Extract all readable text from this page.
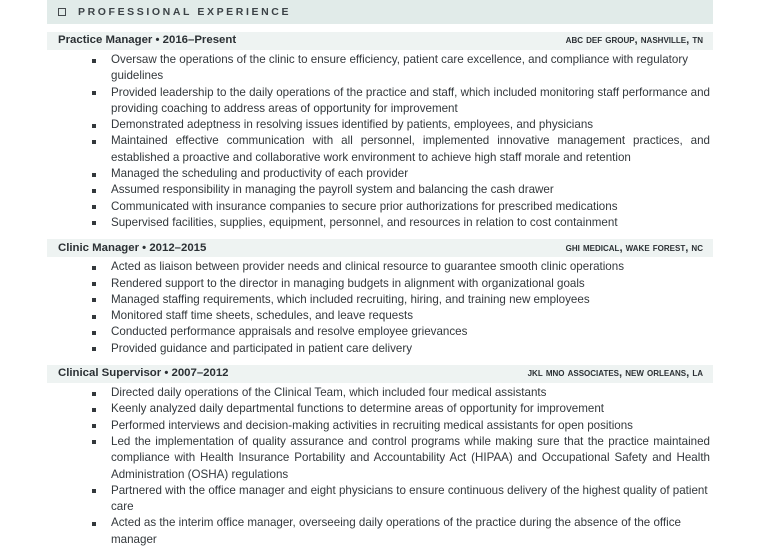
PROFESSIONAL EXPERIENCE
Practice Manager • 2016–Present	abc def group, nashville, tn
Oversaw the operations of the clinic to ensure efficiency, patient care excellence, and compliance with regulatory guidelines
Provided leadership to the daily operations of the practice and staff, which included monitoring staff performance and providing coaching to address areas of opportunity for improvement
Demonstrated adeptness in resolving issues identified by patients, employees, and physicians
Maintained effective communication with all personnel, implemented innovative management practices, and established a proactive and collaborative work environment to achieve high staff morale and retention
Managed the scheduling and productivity of each provider
Assumed responsibility in managing the payroll system and balancing the cash drawer
Communicated with insurance companies to secure prior authorizations for prescribed medications
Supervised facilities, supplies, equipment, personnel, and resources in relation to cost containment
Clinic Manager • 2012–2015	ghi medical, wake forest, nc
Acted as liaison between provider needs and clinical resource to guarantee smooth clinic operations
Rendered support to the director in managing budgets in alignment with organizational goals
Managed staffing requirements, which included recruiting, hiring, and training new employees
Monitored staff time sheets, schedules, and leave requests
Conducted performance appraisals and resolve employee grievances
Provided guidance and participated in patient care delivery
Clinical Supervisor • 2007–2012	jkl mno associates, new orleans, la
Directed daily operations of the Clinical Team, which included four medical assistants
Keenly analyzed daily departmental functions to determine areas of opportunity for improvement
Performed interviews and decision-making activities in recruiting medical assistants for open positions
Led the implementation of quality assurance and control programs while making sure that the practice maintained compliance with Health Insurance Portability and Accountability Act (HIPAA) and Occupational Safety and Health Administration (OSHA) regulations
Partnered with the office manager and eight physicians to ensure continuous delivery of the highest quality of patient care
Acted as the interim office manager, overseeing daily operations of the practice during the absence of the office manager
